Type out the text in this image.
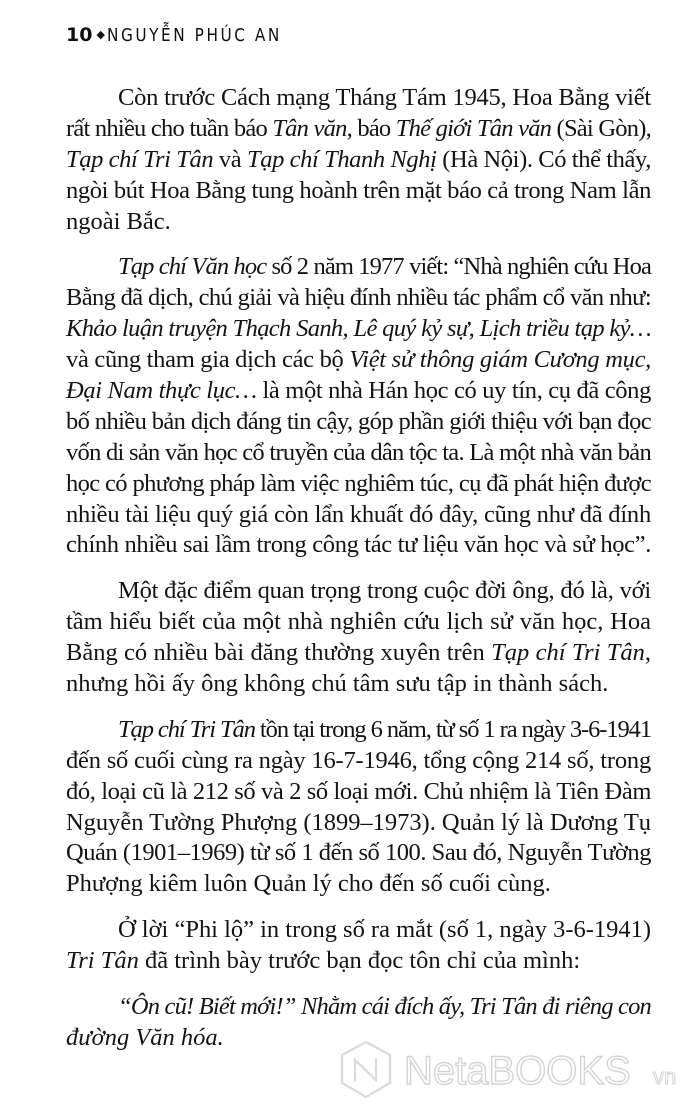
10 ◆ NGUYỄN PHÚC AN
Còn trước Cách mạng Tháng Tám 1945, Hoa Bằng viết
rất nhiều cho tuần báo Tân văn, báo Thế giới Tân văn (Sài Gòn),
Tạp chí Tri Tân và Tạp chí Thanh Nghị (Hà Nội). Có thể thấy,
ngòi bút Hoa Bằng tung hoành trên mặt báo cả trong Nam lẫn
ngoài Bắc.
Tạp chí Văn học số 2 năm 1977 viết: “Nhà nghiên cứu Hoa
Bằng đã dịch, chú giải và hiệu đính nhiều tác phẩm cổ văn như:
Khảo luận truyện Thạch Sanh, Lê quý kỷ sự, Lịch triều tạp kỷ…
và cũng tham gia dịch các bộ Việt sử thông giám Cương mục,
Đại Nam thực lục… là một nhà Hán học có uy tín, cụ đã công
bố nhiều bản dịch đáng tin cậy, góp phần giới thiệu với bạn đọc
vốn di sản văn học cổ truyền của dân tộc ta. Là một nhà văn bản
học có phương pháp làm việc nghiêm túc, cụ đã phát hiện được
nhiều tài liệu quý giá còn lẩn khuất đó đây, cũng như đã đính
chính nhiều sai lầm trong công tác tư liệu văn học và sử học”.
Một đặc điểm quan trọng trong cuộc đời ông, đó là, với
tầm hiểu biết của một nhà nghiên cứu lịch sử văn học, Hoa
Bằng có nhiều bài đăng thường xuyên trên Tạp chí Tri Tân,
nhưng hồi ấy ông không chú tâm sưu tập in thành sách.
Tạp chí Tri Tân tồn tại trong 6 năm, từ số 1 ra ngày 3-6-1941
đến số cuối cùng ra ngày 16-7-1946, tổng cộng 214 số, trong
đó, loại cũ là 212 số và 2 số loại mới. Chủ nhiệm là Tiên Đàm
Nguyễn Tường Phượng (1899–1973). Quản lý là Dương Tụ
Quán (1901–1969) từ số 1 đến số 100. Sau đó, Nguyễn Tường
Phượng kiêm luôn Quản lý cho đến số cuối cùng.
Ở lời “Phi lộ” in trong số ra mắt (số 1, ngày 3-6-1941)
Tri Tân đã trình bày trước bạn đọc tôn chỉ của mình:
“Ôn cũ! Biết mới!” Nhằm cái đích ấy, Tri Tân đi riêng con
đường Văn hóa.
NetaBOOKS vn
